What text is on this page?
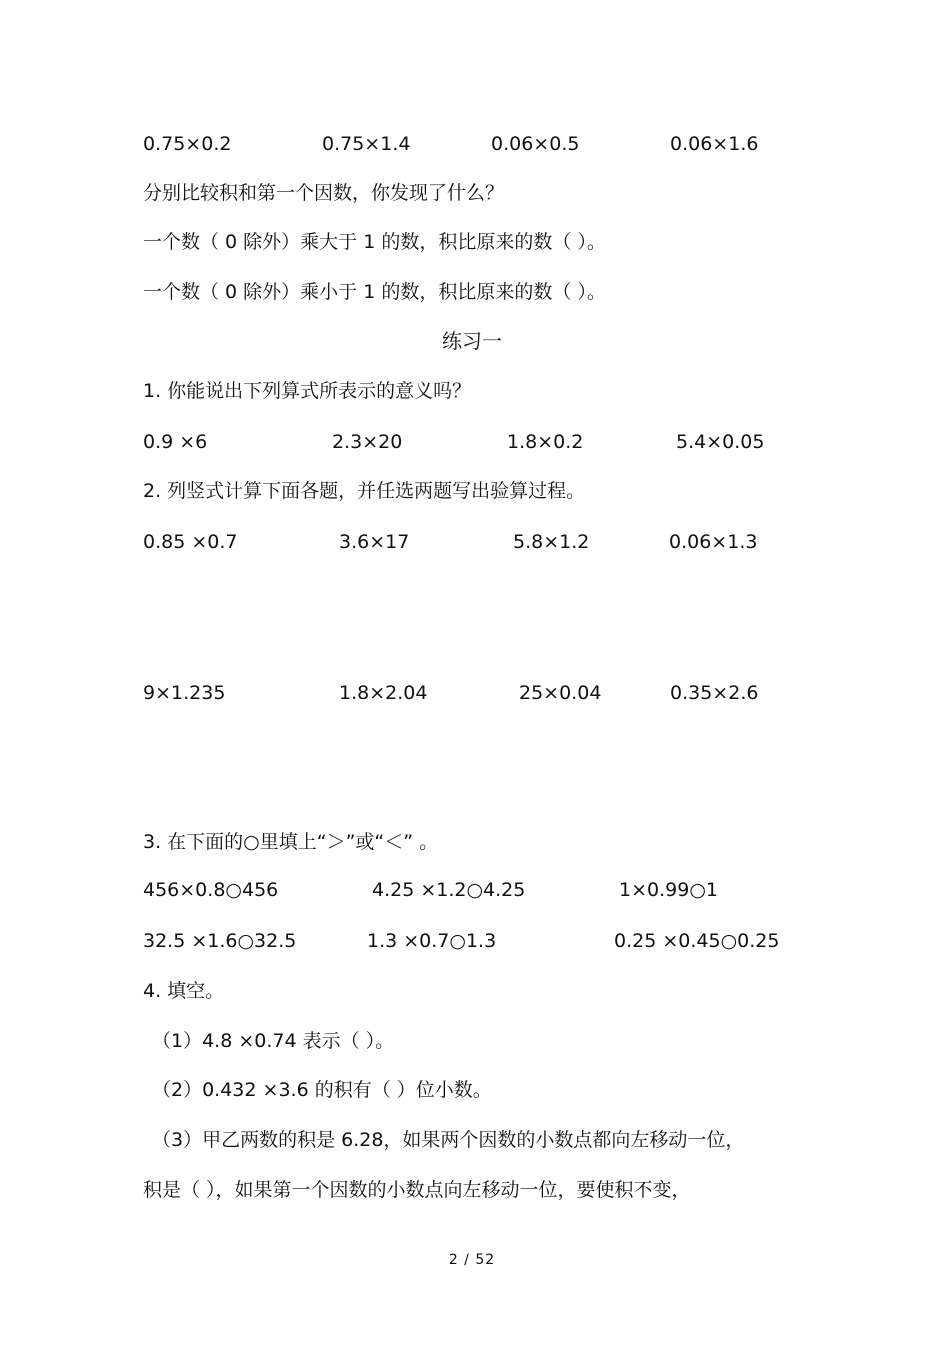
0.75×0.2	0.75×1.4	0.06×0.5	0.06×1.6
分别比较积和第一个因数，你发现了什么？
一个数（ 0 除外）乘大于 1 的数，积比原来的数（ ）。
一个数（ 0 除外）乘小于 1 的数，积比原来的数（ ）。
练习一
1. 你能说出下列算式所表示的意义吗？
0.9 ×6	2.3×20	1.8×0.2	5.4×0.05
2. 列竖式计算下面各题，并任选两题写出验算过程。
0.85 ×0.7	3.6×17	5.8×1.2	0.06×1.3
9×1.235	1.8×2.04	25×0.04	0.35×2.6
3. 在下面的○里填上“＞”或“＜” 。
456×0.8○456	4.25 ×1.2○4.25	1×0.99○1
32.5 ×1.6○32.5	1.3 ×0.7○1.3	0.25 ×0.45○0.25
4. 填空。
（1）4.8 ×0.74 表示（ ）。
（2）0.432 ×3.6 的积有（ ）位小数。
（3）甲乙两数的积是 6.28，如果两个因数的小数点都向左移动一位，
积是（ ），如果第一个因数的小数点向左移动一位，要使积不变，
2 / 52
